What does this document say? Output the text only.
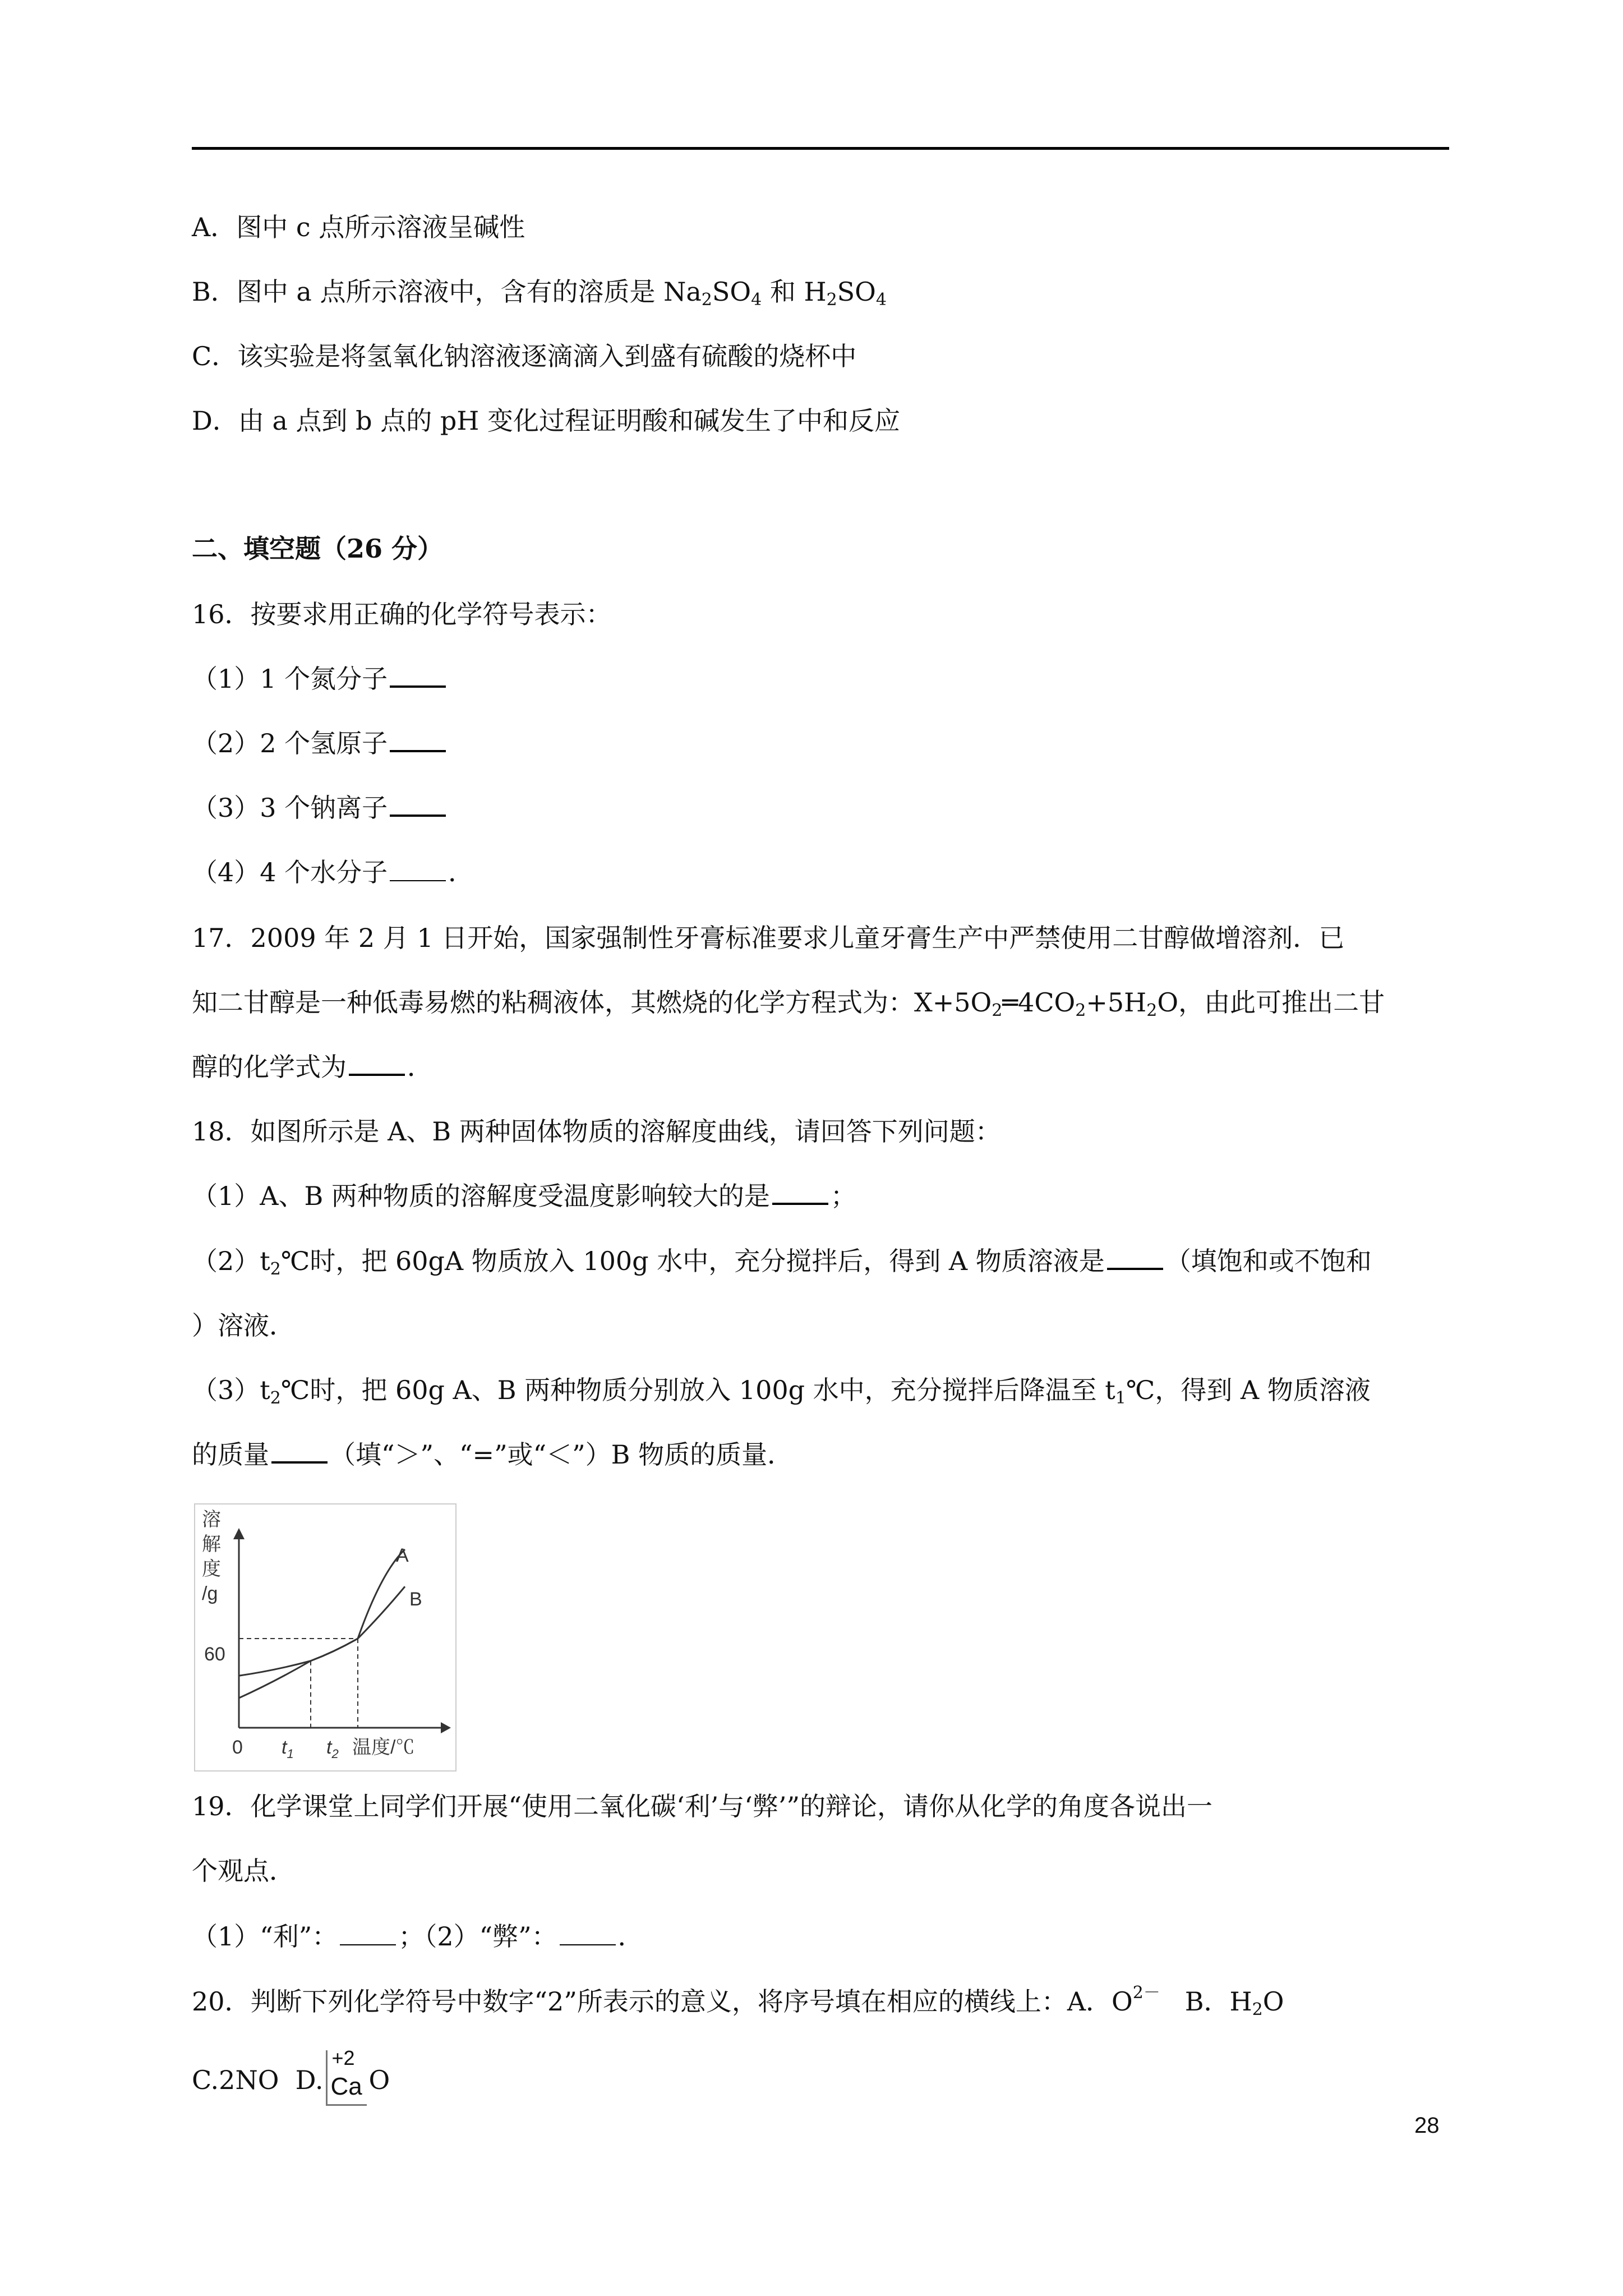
A．图中 c 点所示溶液呈碱性
B．图中 a 点所示溶液中，含有的溶质是 $Na_2SO_4$ 和 $H_2SO_4$
C．该实验是将氢氧化钠溶液逐滴滴入到盛有硫酸的烧杯中
D．由 a 点到 b 点的 pH 变化过程证明酸和碱发生了中和反应
二、填空题（26 分）
16．按要求用正确的化学符号表示：
（1）1 个氮分子
（2）2 个氢原子
（3）3 个钠离子
（4）4 个水分子 ．
17．2009 年 2 月 1 日开始，国家强制性牙膏标准要求儿童牙膏生产中严禁使用二甘醇做增溶剂．已
知二甘醇是一种低毒易燃的粘稠液体，其燃烧的化学方程式为：$X+5O_2═4CO_2+5H_2O$，由此可推出二甘
醇的化学式为 ．
18．如图所示是 A、B 两种固体物质的溶解度曲线，请回答下列问题：
（1）A、B 两种物质的溶解度受温度影响较大的是 ；
$(2)t_2℃$时，把 60gA 物质放入 100g 水中，充分搅拌后，得到 A 物质溶液是 （填饱和或不饱和
）溶液．
$(3)t_2℃$时，把 60g A、B 两种物质分别放入 100g 水中，充分搅拌后降温至 $t_1℃$，得到 A 物质溶液
的质量 （填“＞”、“=”或“＜”）B 物质的质量．
溶
解
度
/g
60
0 $t_1$ $t_2$ 温度/℃
A
B
19．化学课堂上同学们开展“使用二氧化碳‘利’与‘弊’”的辩论，请你从化学的角度各说出一
个观点．
（1）“利”： ；（2）“弊”： ．
20．判断下列化学符号中数字“2”所表示的意义，将序号填在相应的横线上：A．$O^{2-}$   B．$H_2O$
C.2NO  D.
+2
Ca O
28
